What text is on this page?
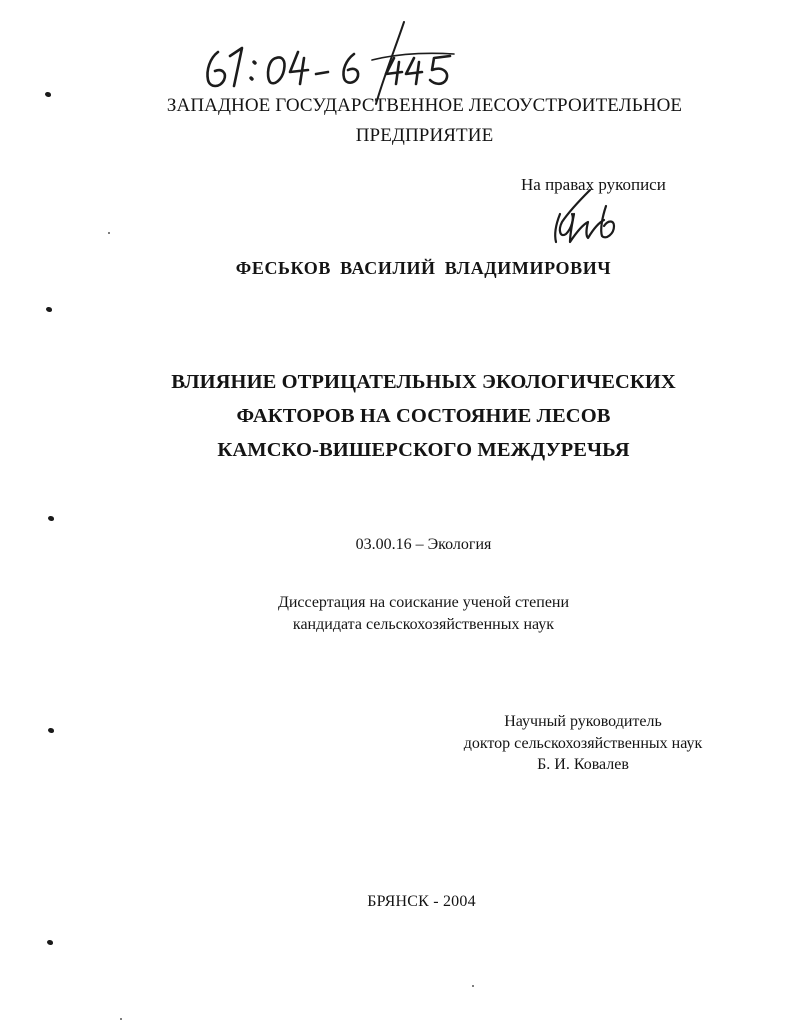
ЗАПАДНОЕ ГОСУДАРСТВЕННОЕ ЛЕСОУСТРОИТЕЛЬНОЕ
ПРЕДПРИЯТИЕ
На правах рукописи
ФЕСЬКОВ ВАСИЛИЙ ВЛАДИМИРОВИЧ
ВЛИЯНИЕ ОТРИЦАТЕЛЬНЫХ ЭКОЛОГИЧЕСКИХ
ФАКТОРОВ НА СОСТОЯНИЕ ЛЕСОВ
КАМСКО-ВИШЕРСКОГО МЕЖДУРЕЧЬЯ
03.00.16 – Экология
Диссертация на соискание ученой степени
кандидата сельскохозяйственных наук
Научный руководитель
доктор сельскохозяйственных наук
Б. И. Ковалев
БРЯНСК - 2004
